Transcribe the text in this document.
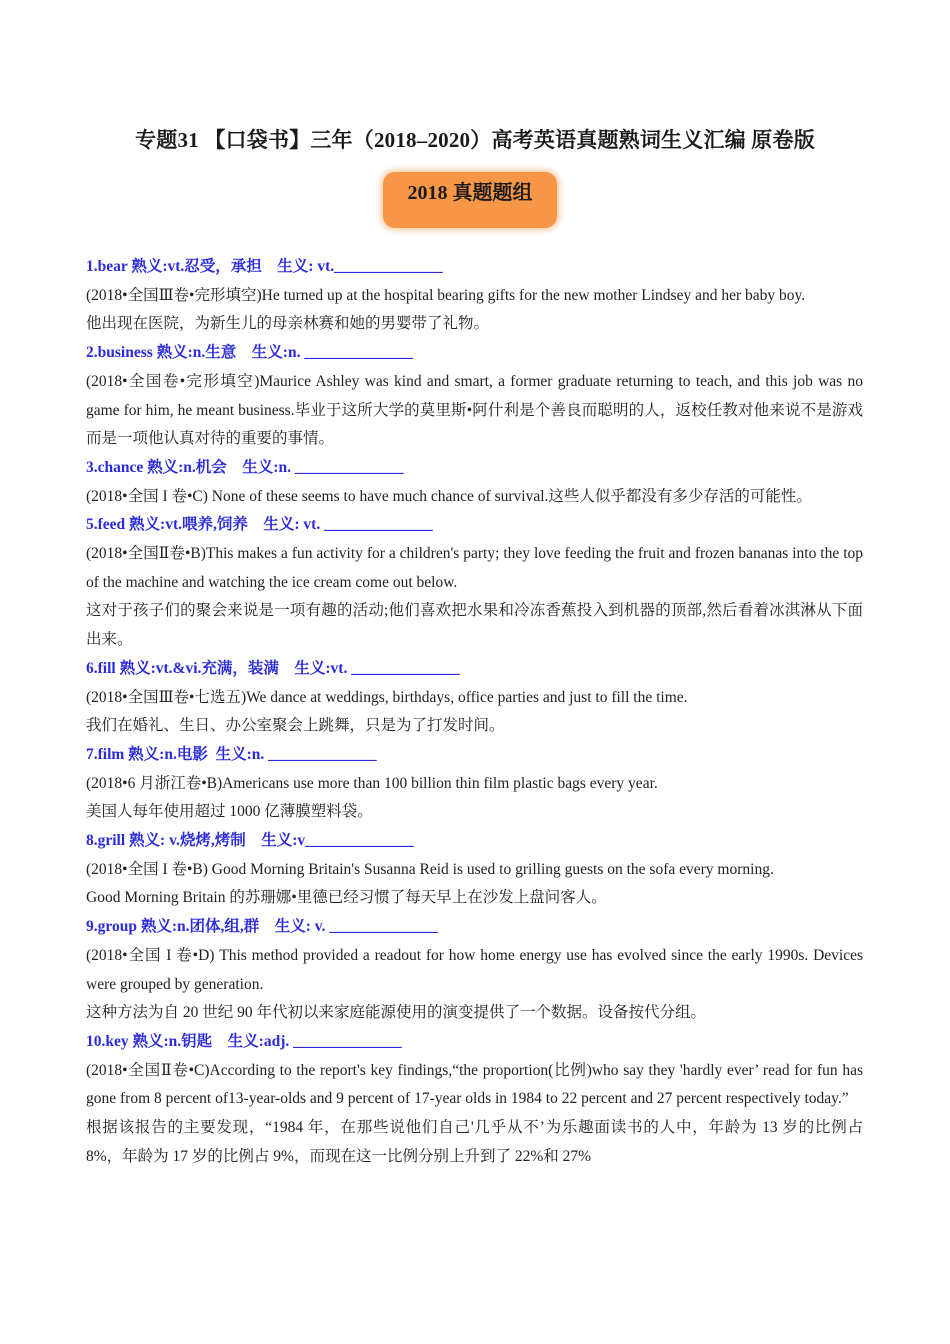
专题31 【口袋书】三年（2018–2020）高考英语真题熟词生义汇编 原卷版
2018 真题题组
1.bear 熟义:vt.忍受，承担    生义: vt.______________
(2018•全国Ⅲ卷•完形填空)He turned up at the hospital bearing gifts for the new mother Lindsey and her baby boy.
他出现在医院，为新生儿的母亲林赛和她的男婴带了礼物。
2.business 熟义:n.生意    生义:n. ______________
(2018•全国卷•完形填空)Maurice Ashley was kind and smart, a former graduate returning to teach, and this job was no game for him, he meant business.毕业于这所大学的莫里斯•阿什利是个善良而聪明的人，返校任教对他来说不是游戏而是一项他认真对待的重要的事情。
3.chance 熟义:n.机会    生义:n. ______________
(2018•全国 I 卷•C) None of these seems to have much chance of survival.这些人似乎都没有多少存活的可能性。
5.feed 熟义:vt.喂养,饲养    生义: vt. ______________
(2018•全国Ⅱ卷•B)This makes a fun activity for a children's party; they love feeding the fruit and frozen bananas into the top of the machine and watching the ice cream come out below.
这对于孩子们的聚会来说是一项有趣的活动;他们喜欢把水果和冷冻香蕉投入到机器的顶部,然后看着冰淇淋从下面出来。
6.fill 熟义:vt.&vi.充满，装满    生义:vt. ______________
(2018•全国Ⅲ卷•七选五)We dance at weddings, birthdays, office parties and just to fill the time.
我们在婚礼、生日、办公室聚会上跳舞，只是为了打发时间。
7.film 熟义:n.电影  生义:n. ______________
(2018•6 月浙江卷•B)Americans use more than 100 billion thin film plastic bags every year.
美国人每年使用超过 1000 亿薄膜塑料袋。
8.grill 熟义: v.烧烤,烤制    生义:v______________
(2018•全国 I 卷•B) Good Morning Britain's Susanna Reid is used to grilling guests on the sofa every morning.
Good Morning Britain 的苏珊娜•里德已经习惯了每天早上在沙发上盘问客人。
9.group 熟义:n.团体,组,群    生义: v. ______________
(2018•全国 I 卷•D) This method provided a readout for how home energy use has evolved since the early 1990s. Devices were grouped by generation.
这种方法为自 20 世纪 90 年代初以来家庭能源使用的演变提供了一个数据。设备按代分组。
10.key 熟义:n.钥匙    生义:adj. ______________
(2018•全国Ⅱ卷•C)According to the report's key findings,“the proportion(比例)who say they 'hardly ever’ read for fun has gone from 8 percent of13-year-olds and 9 percent of 17-year olds in 1984 to 22 percent and 27 percent respectively today.”
根据该报告的主要发现，“1984 年，在那些说他们自己'几乎从不’为乐趣面读书的人中，年龄为 13 岁的比例占 8%，年龄为 17 岁的比例占 9%，而现在这一比例分别上升到了 22%和 27%
